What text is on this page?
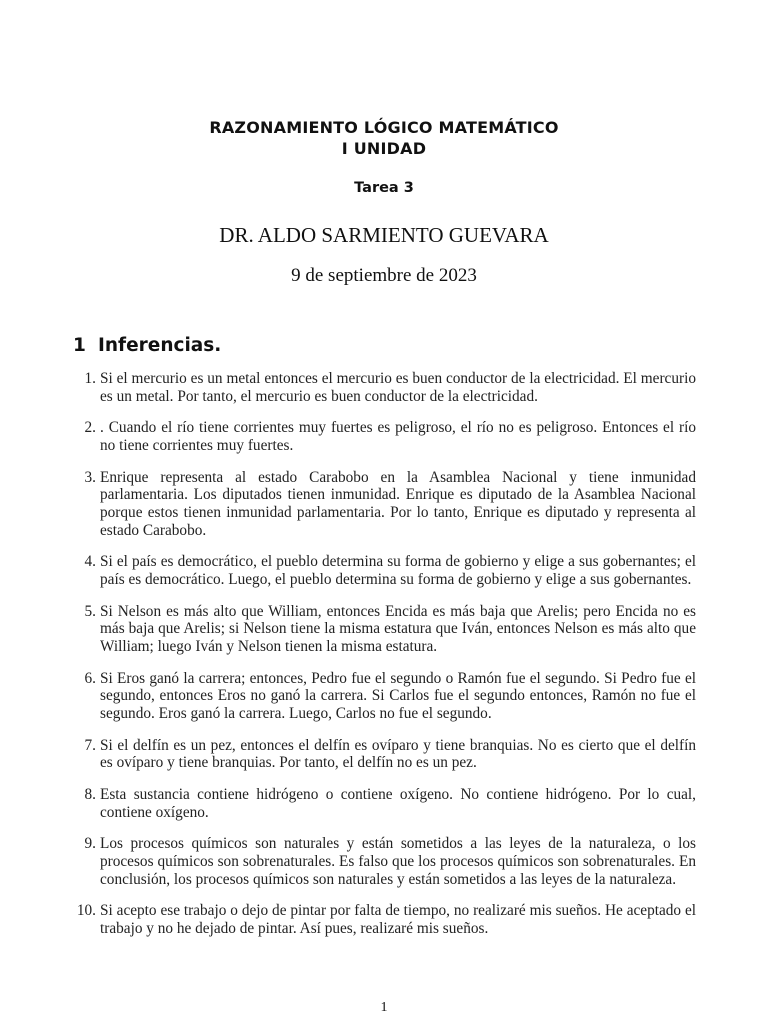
RAZONAMIENTO LÓGICO MATEMÁTICO
I UNIDAD
Tarea 3
DR. ALDO SARMIENTO GUEVARA
9 de septiembre de 2023
1 Inferencias.
1. Si el mercurio es un metal entonces el mercurio es buen conductor de la electricidad. El mercurio es un metal. Por tanto, el mercurio es buen conductor de la electricidad.
2. . Cuando el río tiene corrientes muy fuertes es peligroso, el río no es peligroso. Entonces el río no tiene corrientes muy fuertes.
3. Enrique representa al estado Carabobo en la Asamblea Nacional y tiene inmunidad parlamentaria. Los diputados tienen inmunidad. Enrique es diputado de la Asamblea Nacional porque estos tienen inmunidad parlamentaria. Por lo tanto, Enrique es diputado y representa al estado Carabobo.
4. Si el país es democrático, el pueblo determina su forma de gobierno y elige a sus gobernantes; el país es democrático. Luego, el pueblo determina su forma de gobierno y elige a sus gobernantes.
5. Si Nelson es más alto que William, entonces Encida es más baja que Arelis; pero Encida no es más baja que Arelis; si Nelson tiene la misma estatura que Iván, entonces Nelson es más alto que William; luego Iván y Nelson tienen la misma estatura.
6. Si Eros ganó la carrera; entonces, Pedro fue el segundo o Ramón fue el segundo. Si Pedro fue el segundo, entonces Eros no ganó la carrera. Si Carlos fue el segundo entonces, Ramón no fue el segundo. Eros ganó la carrera. Luego, Carlos no fue el segundo.
7. Si el delfín es un pez, entonces el delfín es ovíparo y tiene branquias. No es cierto que el delfín es ovíparo y tiene branquias. Por tanto, el delfín no es un pez.
8. Esta sustancia contiene hidrógeno o contiene oxígeno. No contiene hidrógeno. Por lo cual, contiene oxígeno.
9. Los procesos químicos son naturales y están sometidos a las leyes de la naturaleza, o los procesos químicos son sobrenaturales. Es falso que los procesos químicos son sobrenaturales. En conclusión, los procesos químicos son naturales y están sometidos a las leyes de la naturaleza.
10. Si acepto ese trabajo o dejo de pintar por falta de tiempo, no realizaré mis sueños. He aceptado el trabajo y no he dejado de pintar. Así pues, realizaré mis sueños.
1
